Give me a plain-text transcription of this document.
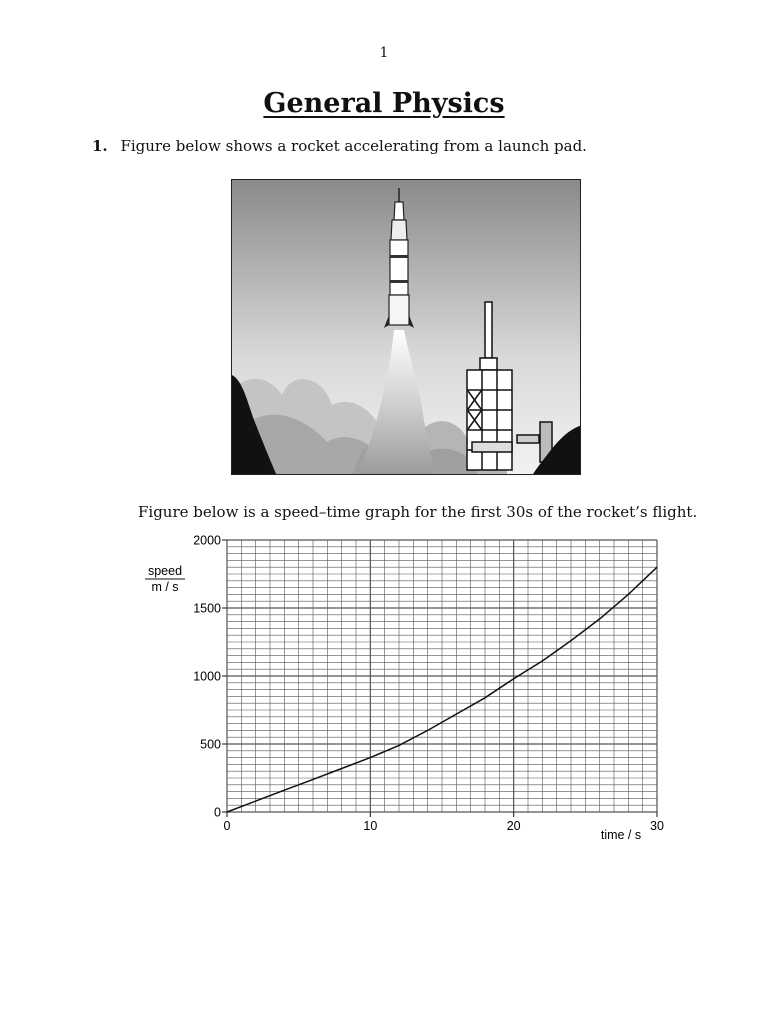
1
General Physics
1. Figure below shows a rocket accelerating from a launch pad.
Figure below is a speed–time graph for the first 30s of the rocket’s flight.
0
500
1000
1500
2000
0	10	20	30
speed
m / s
time / s
